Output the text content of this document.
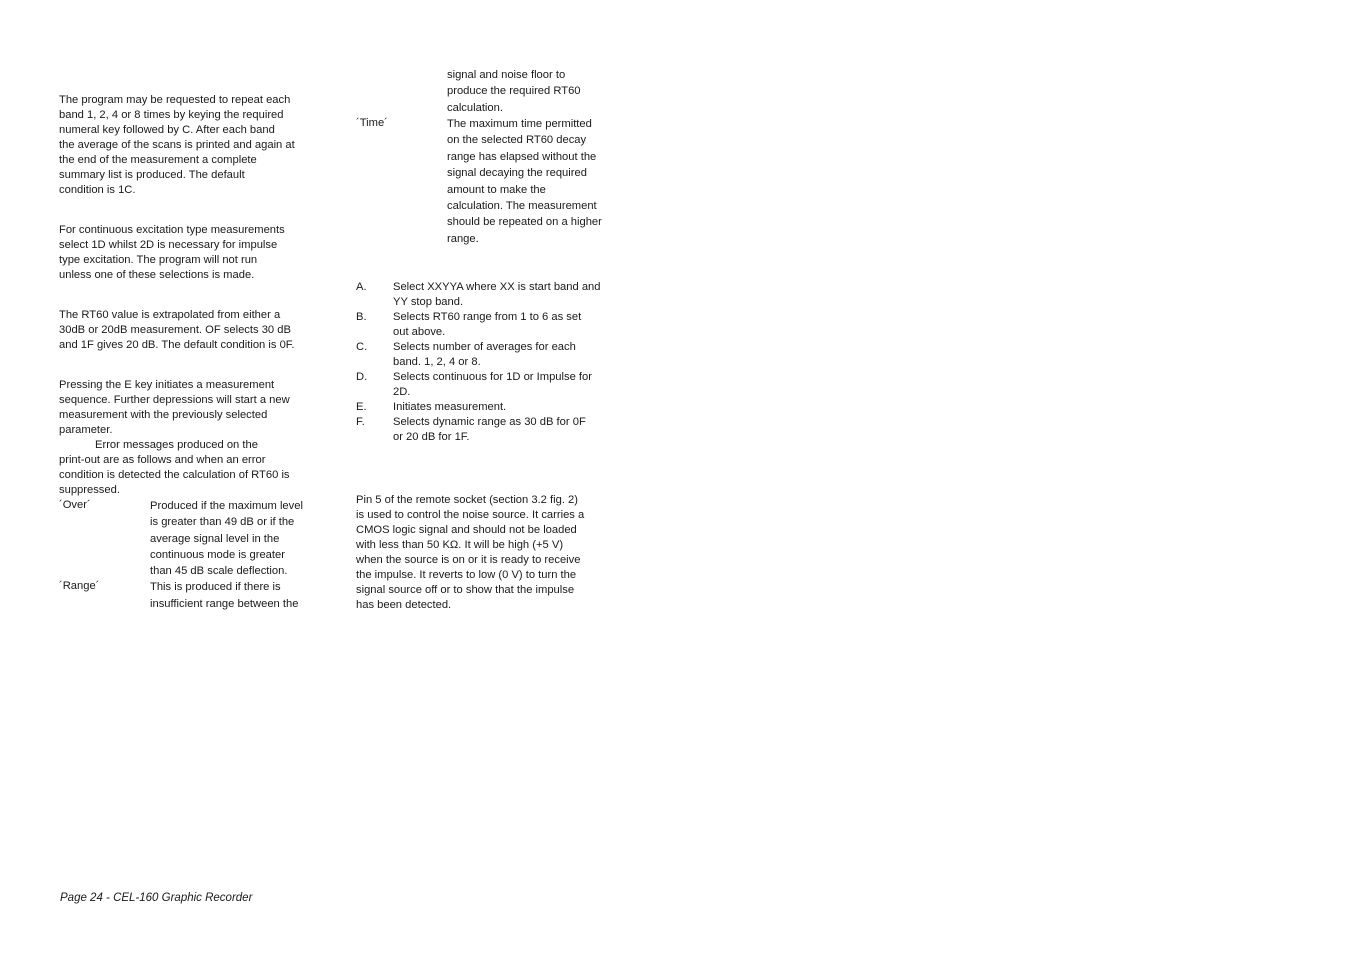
The program may be requested to repeat each
band 1, 2, 4 or 8 times by keying the required
numeral key followed by C. After each band
the average of the scans is printed and again at
the end of the measurement a complete
summary list is produced. The default
condition is 1C.

For continuous excitation type measurements
select 1D whilst 2D is necessary for impulse
type excitation. The program will not run
unless one of these selections is made.

The RT60 value is extrapolated from either a
30dB or 20dB measurement. OF selects 30 dB
and 1F gives 20 dB. The default condition is 0F.

Pressing the E key initiates a measurement
sequence. Further depressions will start a new
measurement with the previously selected
parameter.

Error messages produced on the
print-out are as follows and when an error
condition is detected the calculation of RT60 is
suppressed.

´Over´	Produced if the maximum level
is greater than 49 dB or if the
average signal level in the
continuous mode is greater
than 45 dB scale deflection.
´Range´	This is produced if there is
insufficient range between the
signal and noise floor to
produce the required RT60
calculation.
´Time´	The maximum time permitted
on the selected RT60 decay
range has elapsed without the
signal decaying the required
amount to make the
calculation. The measurement
should be repeated on a higher
range.
A.	Select XXYYA where XX is start band and
YY stop band.
B.	Selects RT60 range from 1 to 6 as set
out above.
C.	Selects number of averages for each
band. 1, 2, 4 or 8.
D.	Selects continuous for 1D or Impulse for
2D.
E.	Initiates measurement.
F.	Selects dynamic range as 30 dB for 0F
or 20 dB for 1F.

Pin 5 of the remote socket (section 3.2 fig. 2)
is used to control the noise source. It carries a
CMOS logic signal and should not be loaded
with less than 50 KΩ. It will be high (+5 V)
when the source is on or it is ready to receive
the impulse. It reverts to low (0 V) to turn the
signal source off or to show that the impulse
has been detected.

Page 24 - CEL-160 Graphic Recorder
